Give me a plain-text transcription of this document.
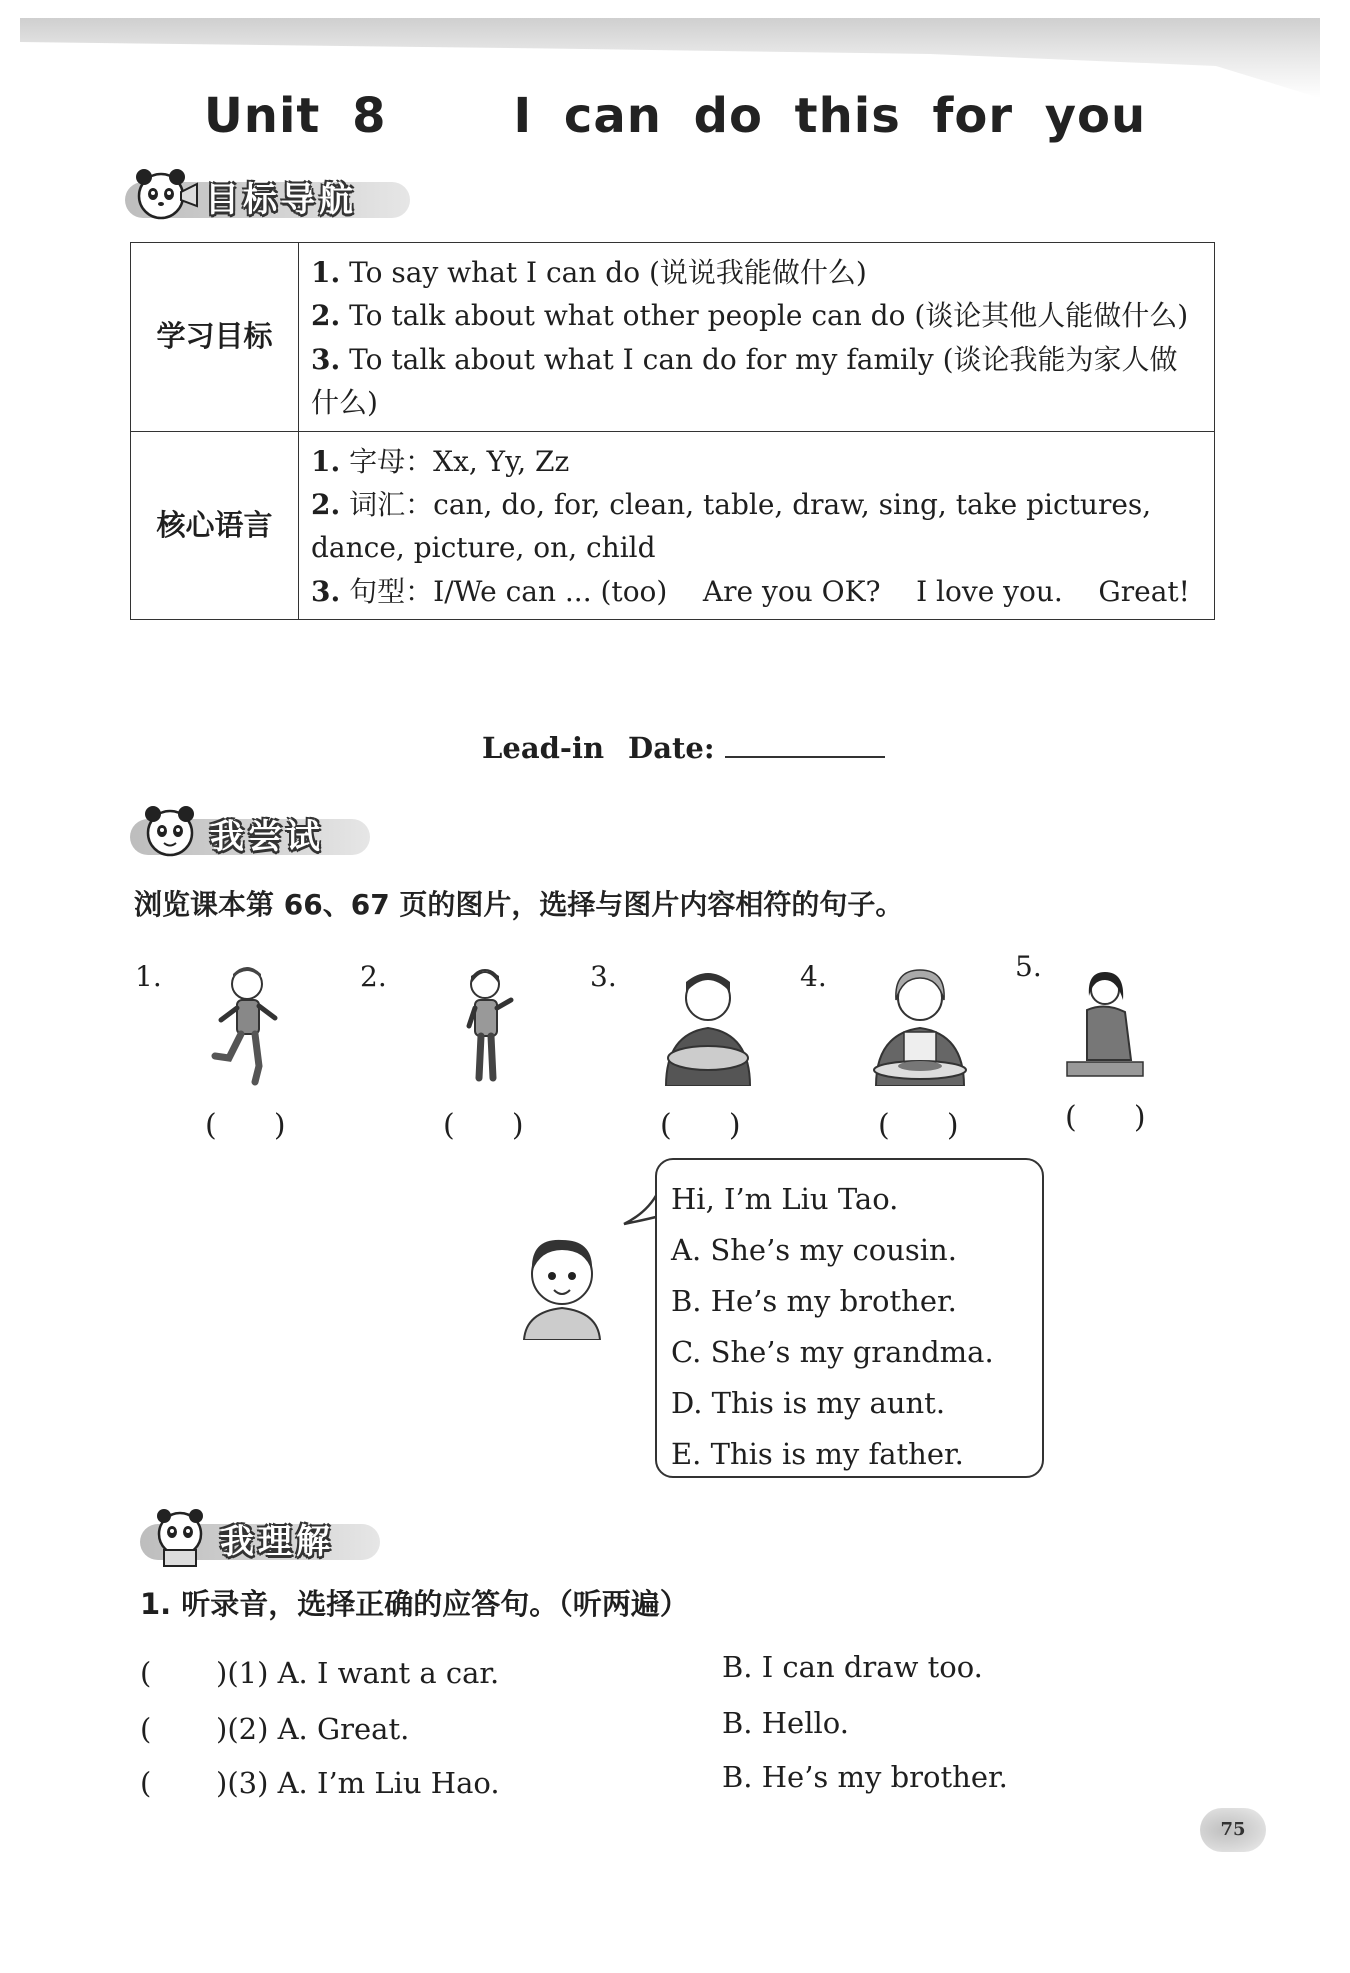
Unit 8    I can do this for you
目标导航
学习目标	1. To say what I can do (说说我能做什么)
2. To talk about what other people can do (谈论其他人能做什么)
3. To talk about what I can do for my family (谈论我能为家人做什么)

核心语言	1. 字母：Xx, Yy, Zz
2. 词汇：can, do, for, clean, table, draw, sing, take pictures, dance, picture, on, child
3. 句型：I/We can ... (too)    Are you OK?    I love you.    Great!
Lead-in Date:
我尝试
浏览课本第 66、67 页的图片，选择与图片内容相符的句子。
1.
(      )
2.
(      )
3.
(      )
4.
(      )
5.
(      )
Hi, I’m Liu Tao.
A. She’s my cousin.
B. He’s my brother.
C. She’s my grandma.
D. This is my aunt.
E. This is my father.
我理解
1. 听录音，选择正确的应答句。（听两遍）
( )(1) A. I want a car.	B. I can draw too.
( )(2) A. Great.	B. Hello.
( )(3) A. I’m Liu Hao.	B. He’s my brother.
75
